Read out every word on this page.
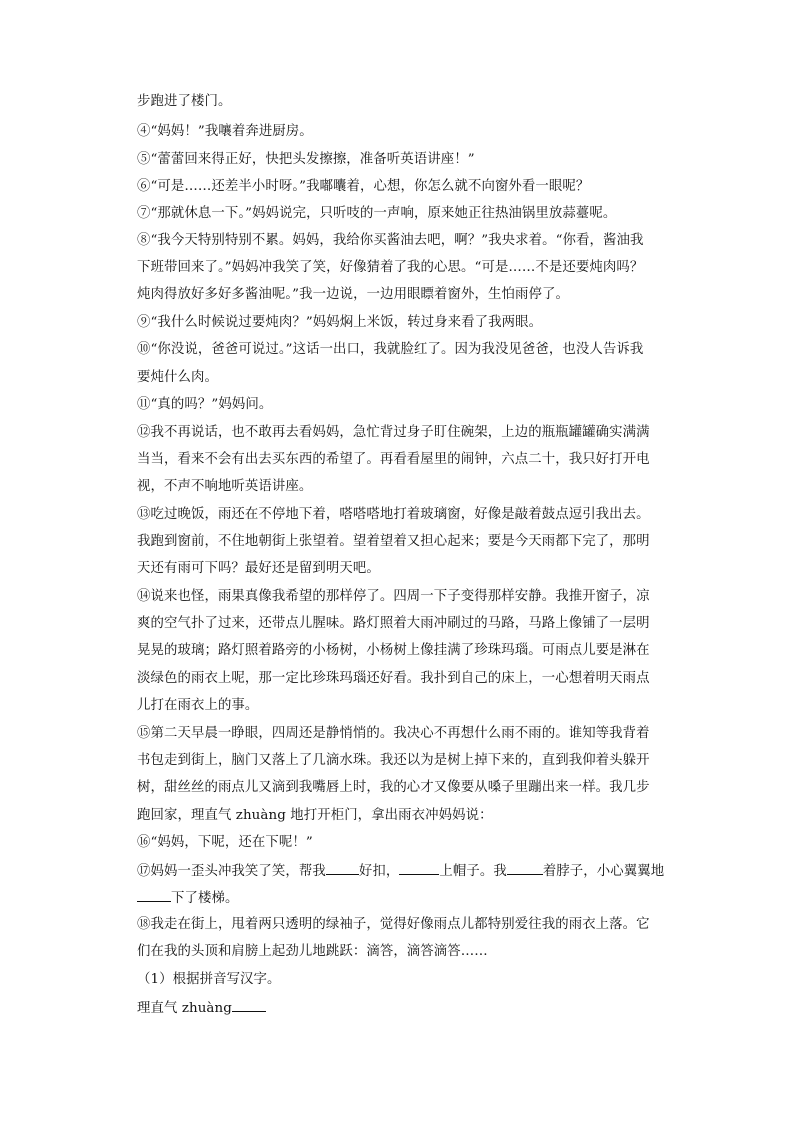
步跑进了楼门。
④“妈妈！”我嚷着奔进厨房。
⑤“蕾蕾回来得正好，快把头发擦擦，准备听英语讲座！”
⑥“可是……还差半小时呀。”我嘟囔着，心想，你怎么就不向窗外看一眼呢？
⑦“那就休息一下。”妈妈说完，只听吱的一声响，原来她正往热油锅里放蒜薹呢。
⑧“我今天特别特别不累。妈妈，我给你买酱油去吧，啊？”我央求着。“你看，酱油我
下班带回来了。”妈妈冲我笑了笑，好像猜着了我的心思。“可是……不是还要炖肉吗？
炖肉得放好多好多酱油呢。”我一边说，一边用眼瞟着窗外，生怕雨停了。
⑨“我什么时候说过要炖肉？”妈妈焖上米饭，转过身来看了我两眼。
⑩“你没说，爸爸可说过。”这话一出口，我就脸红了。因为我没见爸爸，也没人告诉我
要炖什么肉。
⑪“真的吗？”妈妈问。
⑫我不再说话，也不敢再去看妈妈，急忙背过身子盯住碗架，上边的瓶瓶罐罐确实满满
当当，看来不会有出去买东西的希望了。再看看屋里的闹钟，六点二十，我只好打开电
视，不声不响地听英语讲座。
⑬吃过晚饭，雨还在不停地下着，嗒嗒嗒地打着玻璃窗，好像是敲着鼓点逗引我出去。
我跑到窗前，不住地朝街上张望着。望着望着又担心起来；要是今天雨都下完了，那明
天还有雨可下吗？最好还是留到明天吧。
⑭说来也怪，雨果真像我希望的那样停了。四周一下子变得那样安静。我推开窗子，凉
爽的空气扑了过来，还带点儿腥味。路灯照着大雨冲刷过的马路，马路上像铺了一层明
晃晃的玻璃；路灯照着路旁的小杨树，小杨树上像挂满了珍珠玛瑙。可雨点儿要是淋在
淡绿色的雨衣上呢，那一定比珍珠玛瑙还好看。我扑到自己的床上，一心想着明天雨点
儿打在雨衣上的事。
⑮第二天早晨一睁眼，四周还是静悄悄的。我决心不再想什么雨不雨的。谁知等我背着
书包走到街上，脑门又落上了几滴水珠。我还以为是树上掉下来的，直到我仰着头躲开
树，甜丝丝的雨点儿又滴到我嘴唇上时，我的心才又像要从嗓子里蹦出来一样。我几步
跑回家，理直气 zhuàng 地打开柜门，拿出雨衣冲妈妈说：
⑯“妈妈，下呢，还在下呢！”
⑰妈妈一歪头冲我笑了笑，帮我 好扣，	上帽子。我	着脖子，小心翼翼地
下了楼梯。
⑱我走在街上，甩着两只透明的绿袖子，觉得好像雨点儿都特别爱往我的雨衣上落。它
们在我的头顶和肩膀上起劲儿地跳跃：滴答，滴答滴答……
（1）根据拼音写汉字。
理直气 zhuàng
